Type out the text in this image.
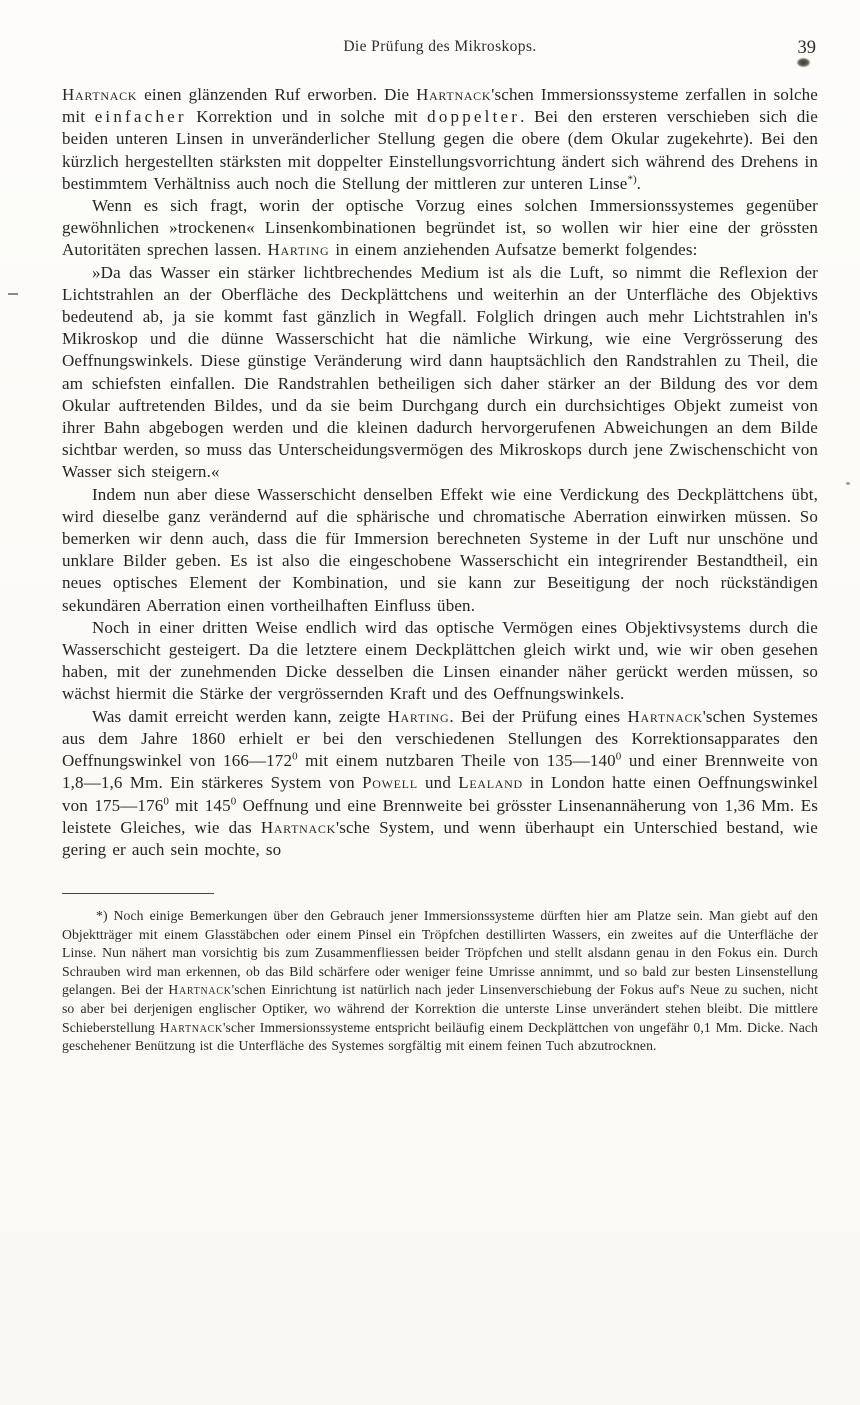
Die Prüfung des Mikroskops.	39

Hartnack einen glänzenden Ruf erworben. Die Hartnack'schen Immersionssysteme zerfallen in solche mit einfacher Korrektion und in solche mit doppelter. Bei den ersteren verschieben sich die beiden unteren Linsen in unveränderlicher Stellung gegen die obere (dem Okular zugekehrte). Bei den kürzlich hergestellten stärksten mit doppelter Einstellungsvorrichtung ändert sich während des Drehens in bestimmtem Verhältniss auch noch die Stellung der mittleren zur unteren Linse*).

Wenn es sich fragt, worin der optische Vorzug eines solchen Immersionssystemes gegenüber gewöhnlichen »trockenen« Linsenkombinationen begründet ist, so wollen wir hier eine der grössten Autoritäten sprechen lassen. Harting in einem anziehenden Aufsatze bemerkt folgendes:

»Da das Wasser ein stärker lichtbrechendes Medium ist als die Luft, so nimmt die Reflexion der Lichtstrahlen an der Oberfläche des Deckplättchens und weiterhin an der Unterfläche des Objektivs bedeutend ab, ja sie kommt fast gänzlich in Wegfall. Folglich dringen auch mehr Lichtstrahlen in's Mikroskop und die dünne Wasserschicht hat die nämliche Wirkung, wie eine Vergrösserung des Oeffnungswinkels. Diese günstige Veränderung wird dann hauptsächlich den Randstrahlen zu Theil, die am schiefsten einfallen. Die Randstrahlen betheiligen sich daher stärker an der Bildung des vor dem Okular auftretenden Bildes, und da sie beim Durchgang durch ein durchsichtiges Objekt zumeist von ihrer Bahn abgebogen werden und die kleinen dadurch hervorgerufenen Abweichungen an dem Bilde sichtbar werden, so muss das Unterscheidungsvermögen des Mikroskops durch jene Zwischenschicht von Wasser sich steigern.«

Indem nun aber diese Wasserschicht denselben Effekt wie eine Verdickung des Deckplättchens übt, wird dieselbe ganz verändernd auf die sphärische und chromatische Aberration einwirken müssen. So bemerken wir denn auch, dass die für Immersion berechneten Systeme in der Luft nur unschöne und unklare Bilder geben. Es ist also die eingeschobene Wasserschicht ein integrirender Bestandtheil, ein neues optisches Element der Kombination, und sie kann zur Beseitigung der noch rückständigen sekundären Aberration einen vortheilhaften Einfluss üben.

Noch in einer dritten Weise endlich wird das optische Vermögen eines Objektivsystems durch die Wasserschicht gesteigert. Da die letztere einem Deckplättchen gleich wirkt und, wie wir oben gesehen haben, mit der zunehmenden Dicke desselben die Linsen einander näher gerückt werden müssen, so wächst hiermit die Stärke der vergrössernden Kraft und des Oeffnungswinkels.

Was damit erreicht werden kann, zeigte Harting. Bei der Prüfung eines Hartnack'schen Systemes aus dem Jahre 1860 erhielt er bei den verschiedenen Stellungen des Korrektionsapparates den Oeffnungswinkel von $166—172^0$ mit einem nutzbaren Theile von $135—140^0$ und einer Brennweite von 1,8—1,6 Mm. Ein stärkeres System von Powell und Lealand in London hatte einen Oeffnungswinkel von $175—176^0$ mit $145^0$ Oeffnung und eine Brennweite bei grösster Linsenannäherung von 1,36 Mm. Es leistete Gleiches, wie das Hartnack'sche System, und wenn überhaupt ein Unterschied bestand, wie gering er auch sein mochte, so

*) Noch einige Bemerkungen über den Gebrauch jener Immersionssysteme dürften hier am Platze sein. Man giebt auf den Objektträger mit einem Glasstäbchen oder einem Pinsel ein Tröpfchen destillirten Wassers, ein zweites auf die Unterfläche der Linse. Nun nähert man vorsichtig bis zum Zusammenfliessen beider Tröpfchen und stellt alsdann genau in den Fokus ein. Durch Schrauben wird man erkennen, ob das Bild schärfere oder weniger feine Umrisse annimmt, und so bald zur besten Linsenstellung gelangen. Bei der Hartnack'schen Einrichtung ist natürlich nach jeder Linsenverschiebung der Fokus auf's Neue zu suchen, nicht so aber bei derjenigen englischer Optiker, wo während der Korrektion die unterste Linse unverändert stehen bleibt. Die mittlere Schieberstellung Hartnack'scher Immersionssysteme entspricht beiläufig einem Deckplättchen von ungefähr 0,1 Mm. Dicke. Nach geschehener Benützung ist die Unterfläche des Systemes sorgfältig mit einem feinen Tuch abzutrocknen.
